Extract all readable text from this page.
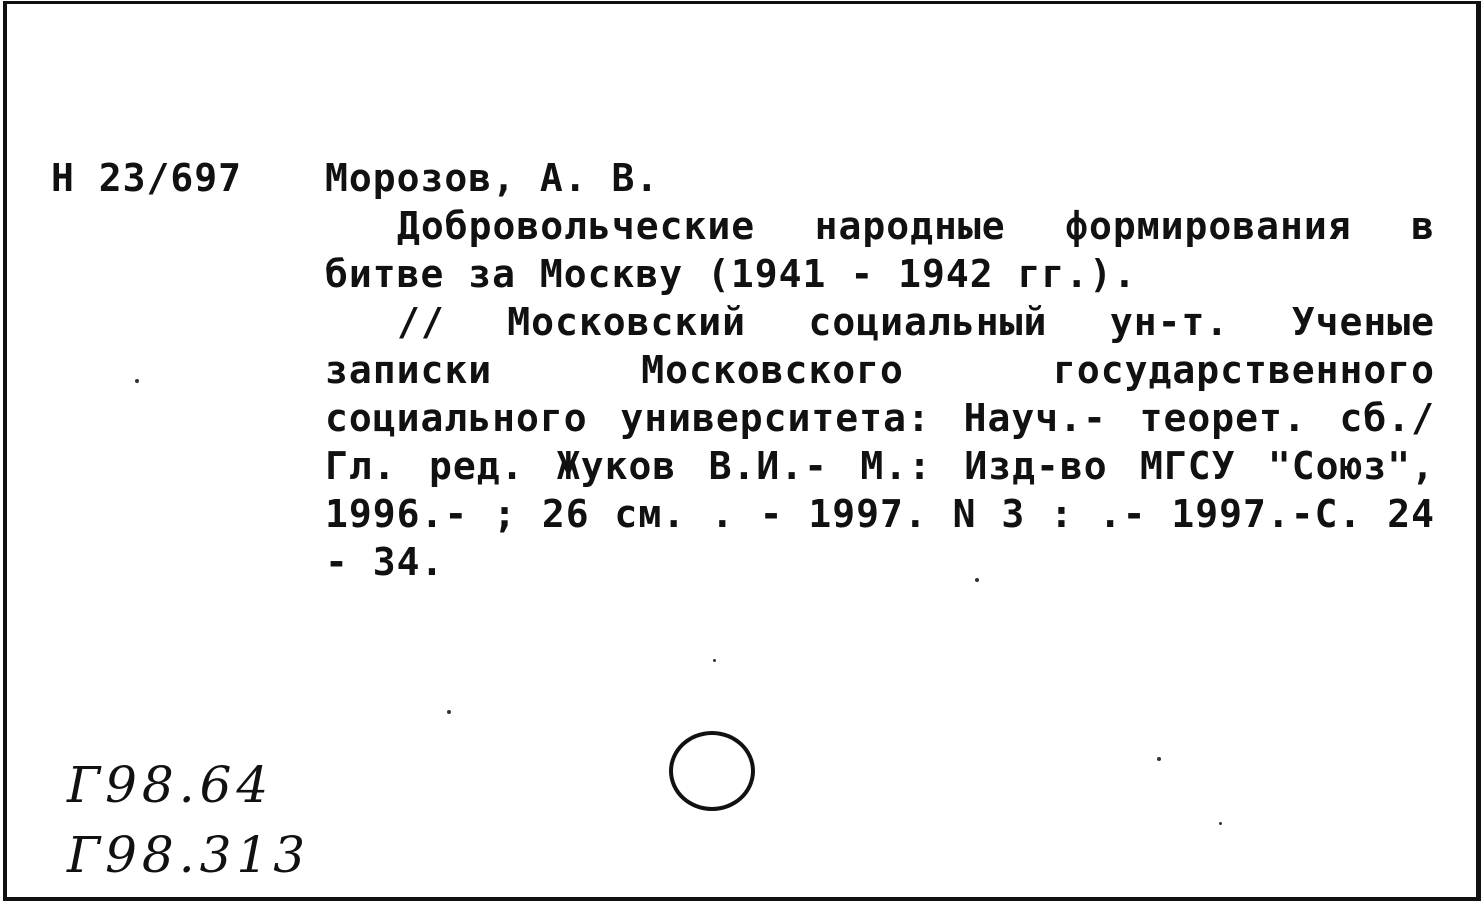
Н 23/697 Морозов, А. В.

Добровольческие народные формирования в битве за Москву (1941 - 1942 гг.).

// Московский социальный ун-т. Ученые записки Московского государственного социального университета: Науч.- теорет. сб./ Гл. ред. Жуков В.И.- М.: Изд-во МГСУ "Союз", 1996.- ; 26 см. . - 1997. N 3 : .- 1997.-С. 24 - 34.

Г98.64
Г98.313
